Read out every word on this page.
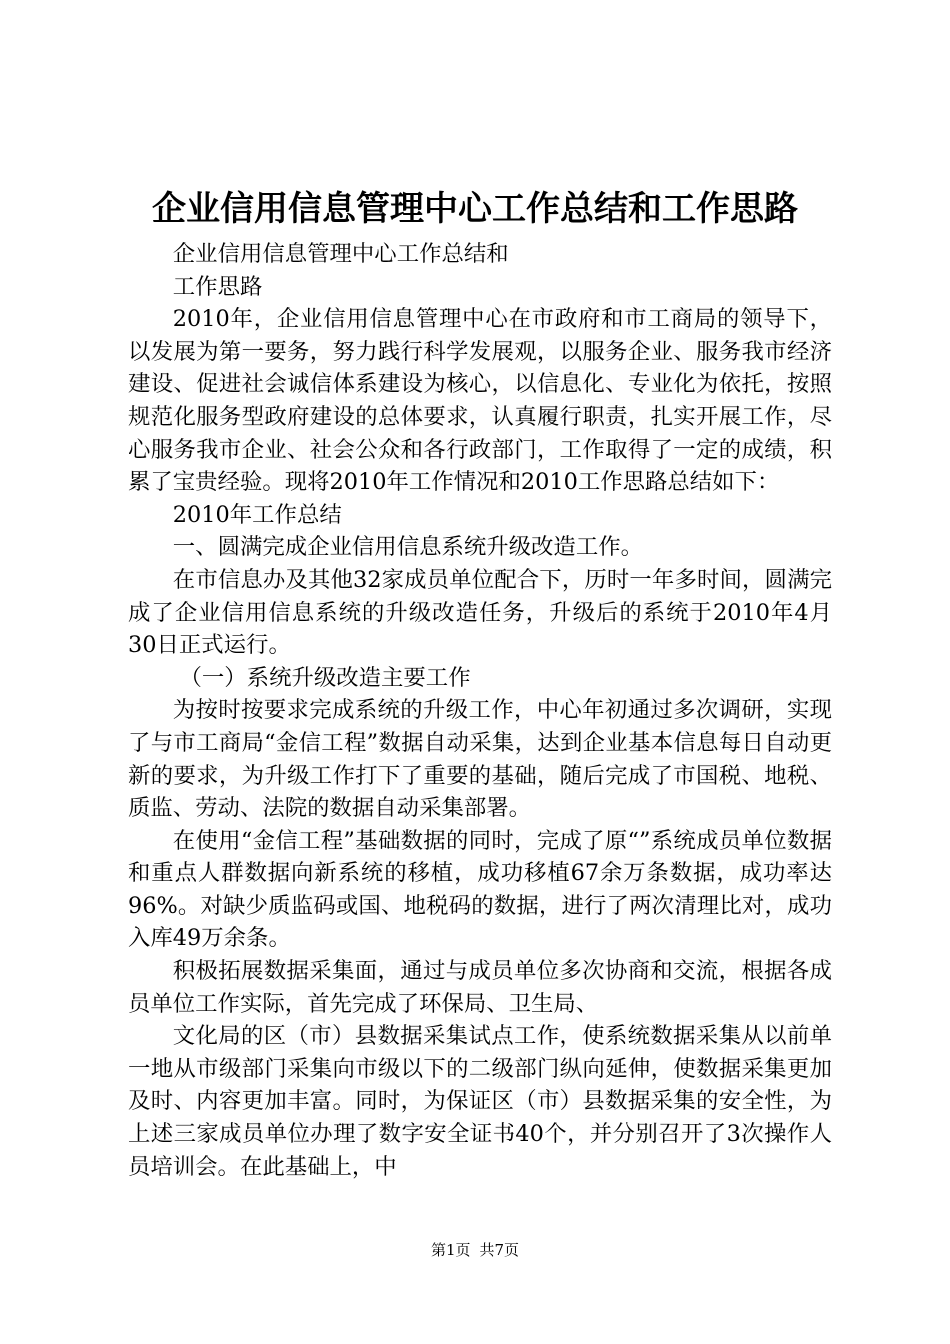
企业信用信息管理中心工作总结和工作思路

企业信用信息管理中心工作总结和

工作思路

2010年，企业信用信息管理中心在市政府和市工商局的领导下，以发展为第一要务，努力践行科学发展观，以服务企业、服务我市经济建设、促进社会诚信体系建设为核心，以信息化、专业化为依托，按照规范化服务型政府建设的总体要求，认真履行职责，扎实开展工作，尽心服务我市企业、社会公众和各行政部门，工作取得了一定的成绩，积累了宝贵经验。现将2010年工作情况和2010工作思路总结如下：

2010年工作总结

一、圆满完成企业信用信息系统升级改造工作。

在市信息办及其他32家成员单位配合下，历时一年多时间，圆满完成了企业信用信息系统的升级改造任务，升级后的系统于2010年4月30日正式运行。

（一）系统升级改造主要工作

为按时按要求完成系统的升级工作，中心年初通过多次调研，实现了与市工商局“金信工程”数据自动采集，达到企业基本信息每日自动更新的要求，为升级工作打下了重要的基础，随后完成了市国税、地税、质监、劳动、法院的数据自动采集部署。

在使用“金信工程”基础数据的同时，完成了原“”系统成员单位数据和重点人群数据向新系统的移植，成功移植67余万条数据，成功率达96%。对缺少质监码或国、地税码的数据，进行了两次清理比对，成功入库49万余条。

积极拓展数据采集面，通过与成员单位多次协商和交流，根据各成员单位工作实际，首先完成了环保局、卫生局、

文化局的区（市）县数据采集试点工作，使系统数据采集从以前单一地从市级部门采集向市级以下的二级部门纵向延伸，使数据采集更加及时、内容更加丰富。同时，为保证区（市）县数据采集的安全性，为上述三家成员单位办理了数字安全证书40个，并分别召开了3次操作人员培训会。在此基础上，中

第1页 共7页
